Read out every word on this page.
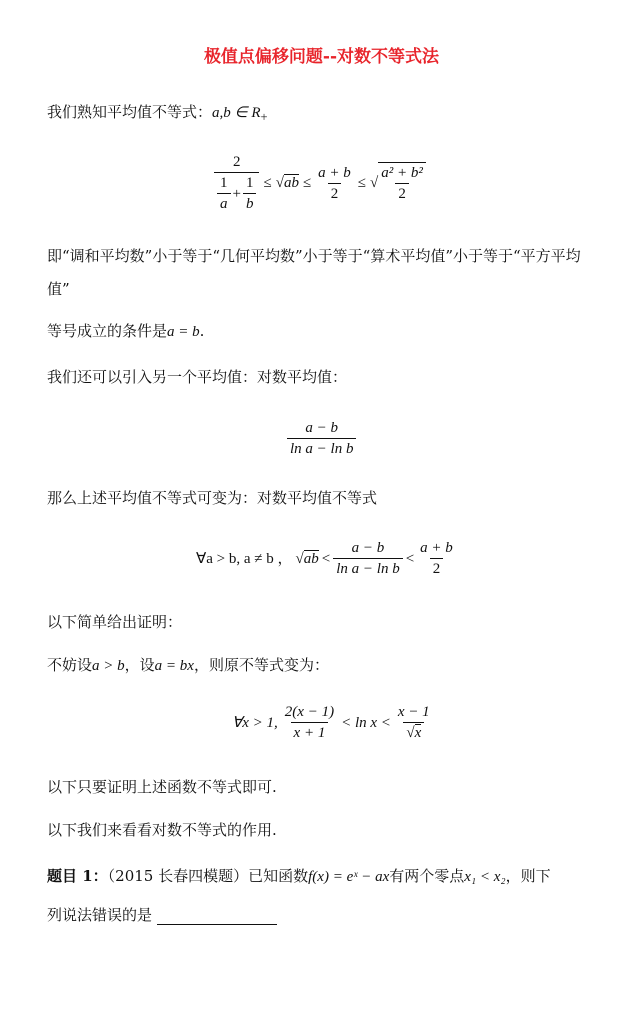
极值点偏移问题--对数不等式法
我们熟知平均值不等式：a,b ∈ $R_+$
$\frac{2}{\frac{1}{a} + \frac{1}{b}} \le √ab \le \frac{a + b}{2}$ ≤ √ $\frac{\text{a² + b²}}{2}$
即“调和平均数”小于等于“几何平均数”小于等于“算术平均值”小于等于“平方平均
值”
等号成立的条件是a = b.
我们还可以引入另一个平均值：对数平均值：
$\frac{a - b}{\text{ln a − ln b}}$
那么上述平均值不等式可变为：对数平均值不等式
∀a > b, a ≠ b ， $√ab < \frac{a - b}{\text{ln a − ln b}} < \frac{a + b}{2}$
以下简单给出证明：
不妨设a > b，设a = bx，则原不等式变为：
∀x > 1, $\frac{2(x - 1)}{x + 1} < \ln x < \frac{x - 1}{√x}$
以下只要证明上述函数不等式即可.
以下我们来看看对数不等式的作用.
题目 1：（2015 长春四模题）已知函数f(x) = eˣ − ax有两个零点x₁ < x₂，则下
列说法错误的是
